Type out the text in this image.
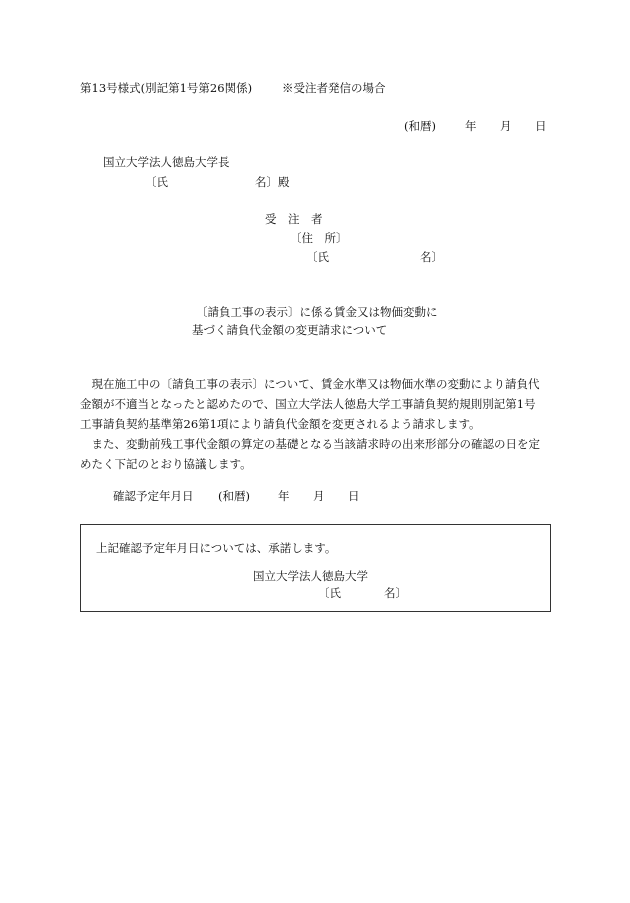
第13号様式(別記第1号第26関係)	※受注者発信の場合
(和暦)	年 月 日
国立大学法人徳島大学長
〔氏	名〕殿
受　注　者
〔住　所〕
〔氏	名〕
〔請負工事の表示〕に係る賃金又は物価変動に
基づく請負代金額の変更請求について
　現在施工中の〔請負工事の表示〕について、賃金水準又は物価水準の変動により請負代
金額が不適当となったと認めたので、国立大学法人徳島大学工事請負契約規則別記第1号
工事請負契約基準第26第1項により請負代金額を変更されるよう請求します。
　また、変動前残工事代金額の算定の基礎となる当該請求時の出来形部分の確認の日を定
めたく下記のとおり協議します。
確認予定年月日 (和暦) 年 月 日
上記確認予定年月日については、承諾します。
国立大学法人徳島大学
〔氏	名〕
